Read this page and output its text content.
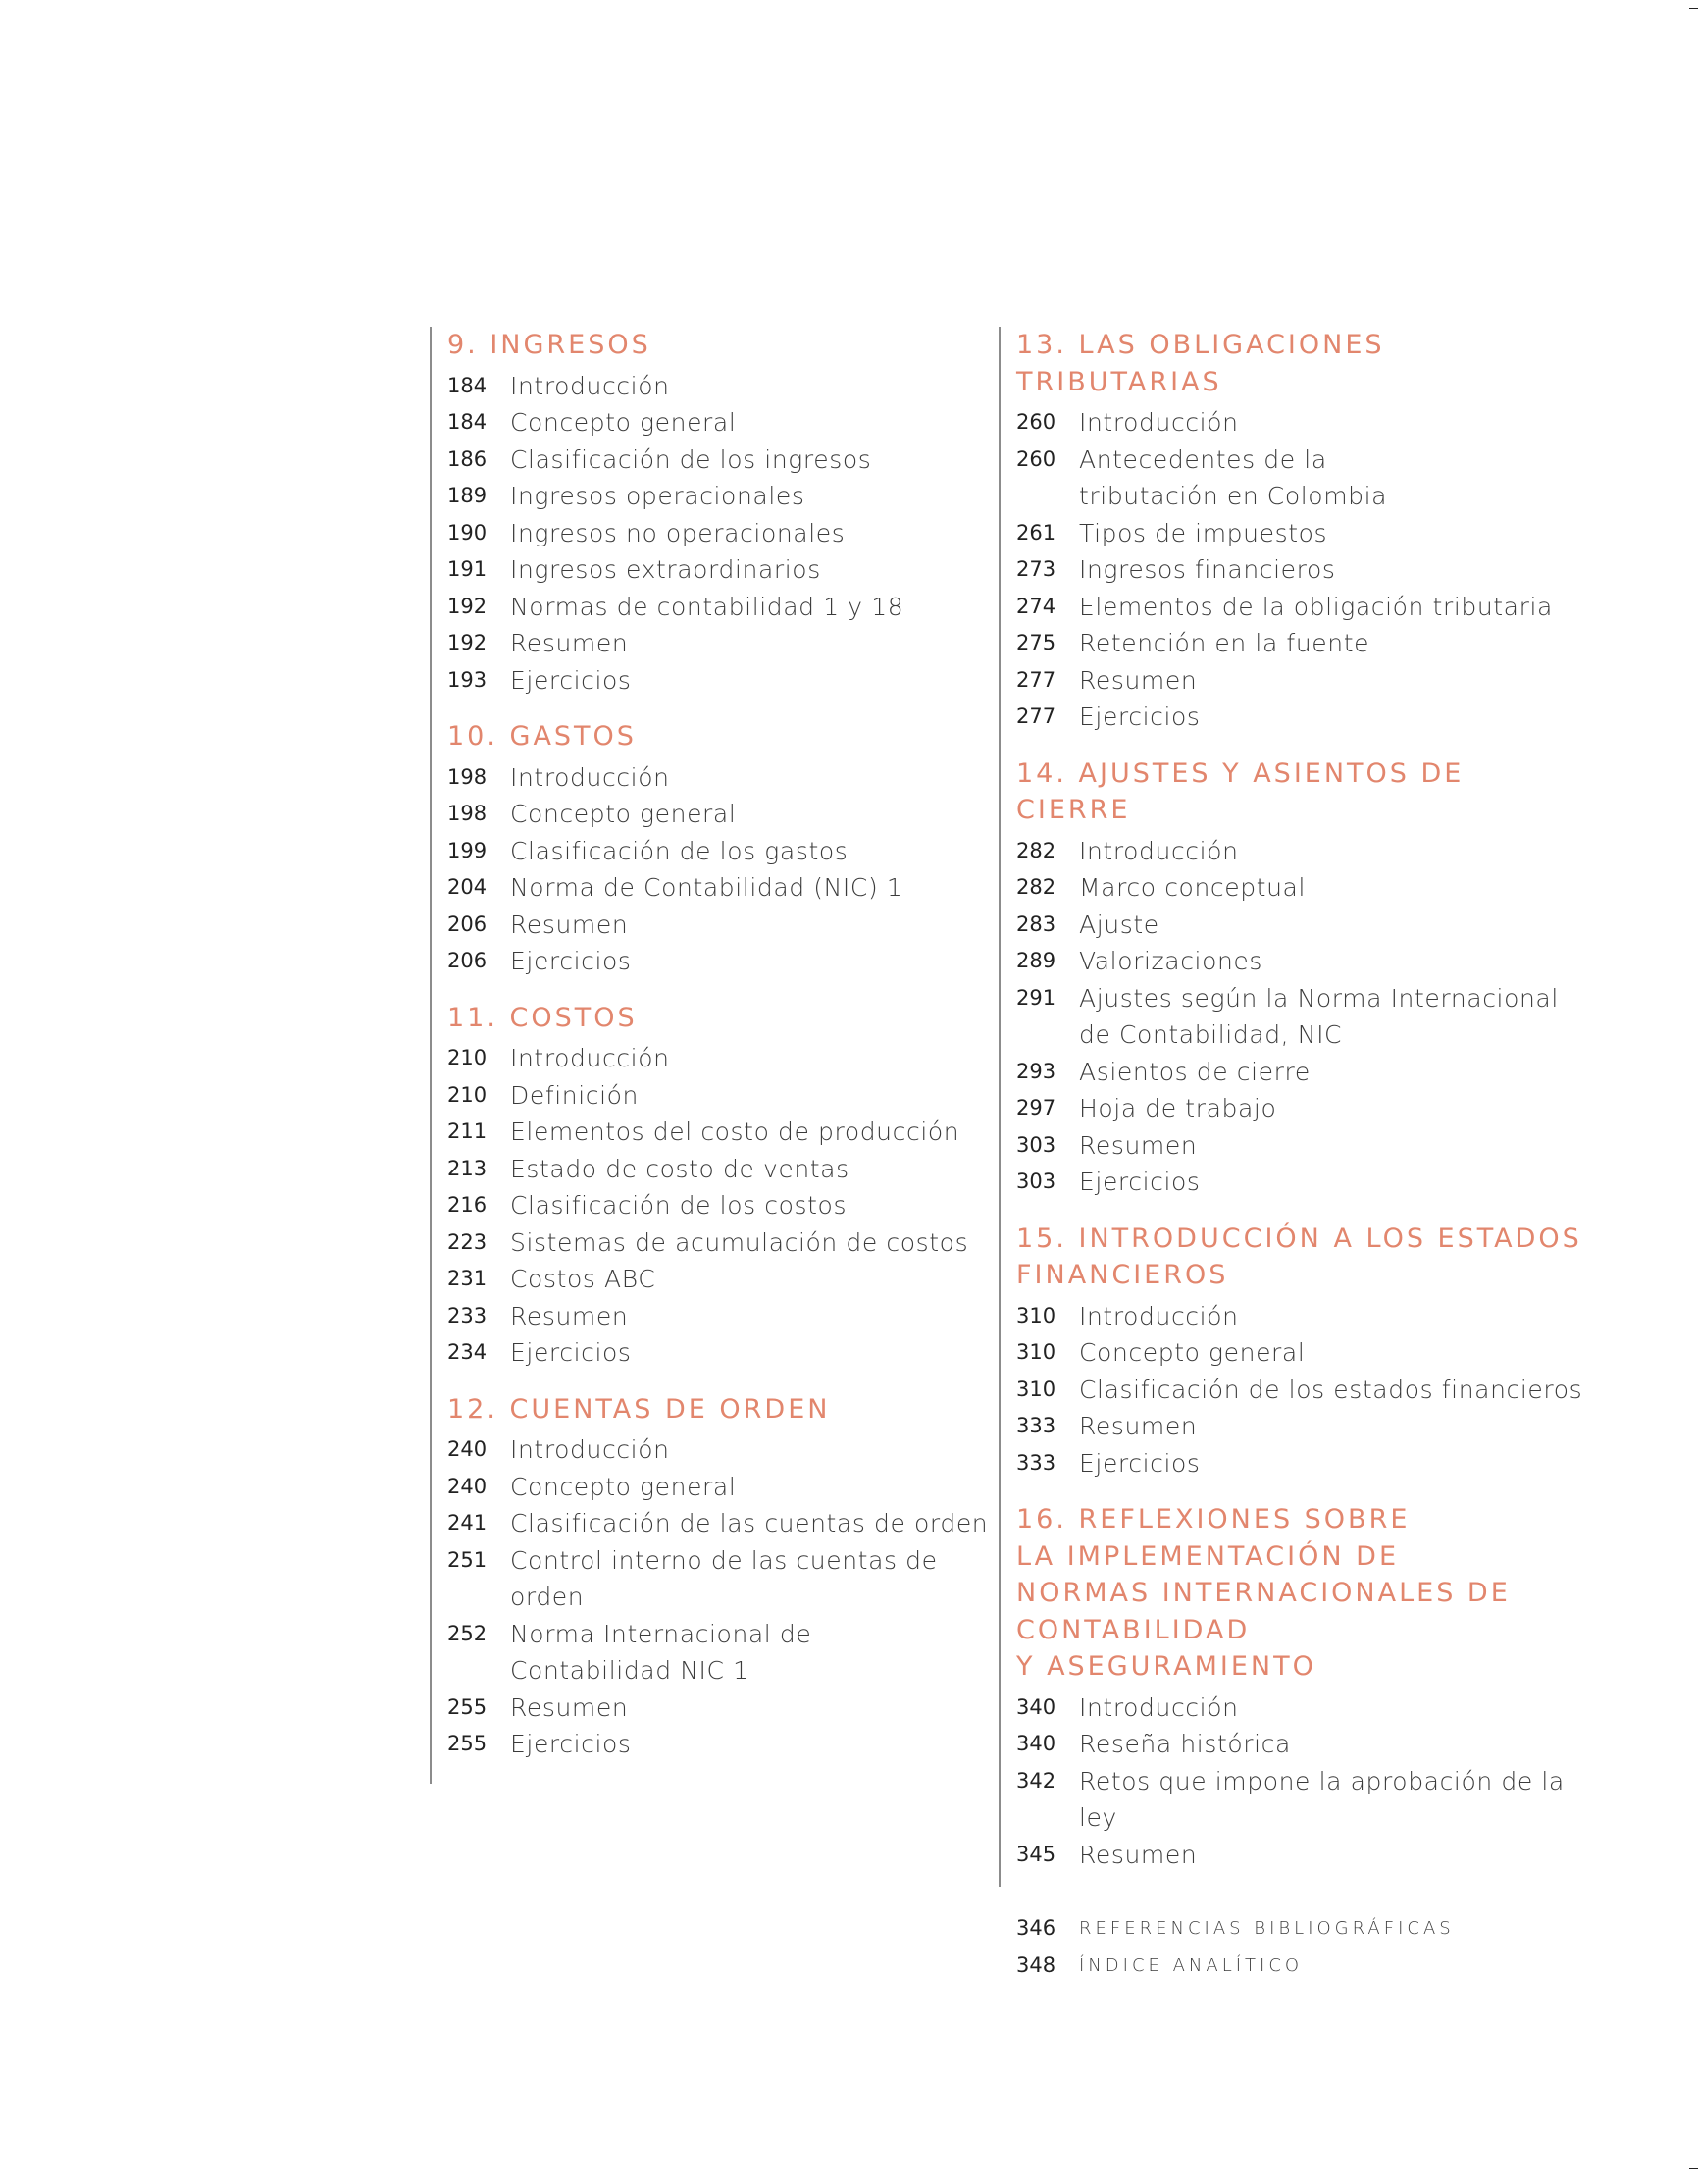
9. INGRESOS
184 Introducción
184 Concepto general
186 Clasificación de los ingresos
189 Ingresos operacionales
190 Ingresos no operacionales
191 Ingresos extraordinarios
192 Normas de contabilidad 1 y 18
192 Resumen
193 Ejercicios
10. GASTOS
198 Introducción
198 Concepto general
199 Clasificación de los gastos
204 Norma de Contabilidad (NIC) 1
206 Resumen
206 Ejercicios
11. COSTOS
210 Introducción
210 Definición
211 Elementos del costo de producción
213 Estado de costo de ventas
216 Clasificación de los costos
223 Sistemas de acumulación de costos
231 Costos ABC
233 Resumen
234 Ejercicios
12. CUENTAS DE ORDEN
240 Introducción
240 Concepto general
241 Clasificación de las cuentas de orden
251 Control interno de las cuentas de orden
252 Norma Internacional de
Contabilidad NIC 1
255 Resumen
255 Ejercicios
13. LAS OBLIGACIONES TRIBUTARIAS
260 Introducción
260 Antecedentes de la
tributación en Colombia
261 Tipos de impuestos
273 Ingresos financieros
274 Elementos de la obligación tributaria
275 Retención en la fuente
277 Resumen
277 Ejercicios
14. AJUSTES Y ASIENTOS DE CIERRE
282 Introducción
282 Marco conceptual
283 Ajuste
289 Valorizaciones
291 Ajustes según la Norma Internacional
de Contabilidad, NIC
293 Asientos de cierre
297 Hoja de trabajo
303 Resumen
303 Ejercicios
15. INTRODUCCIÓN A LOS ESTADOS
FINANCIEROS
310 Introducción
310 Concepto general
310 Clasificación de los estados financieros
333 Resumen
333 Ejercicios
16. REFLEXIONES SOBRE
LA IMPLEMENTACIÓN DE
NORMAS INTERNACIONALES DE
CONTABILIDAD
Y ASEGURAMIENTO
340 Introducción
340 Reseña histórica
342 Retos que impone la aprobación de la ley
345 Resumen
346	REFERENCIAS BIBLIOGRÁFICAS
348	ÍNDICE ANALÍTICO
